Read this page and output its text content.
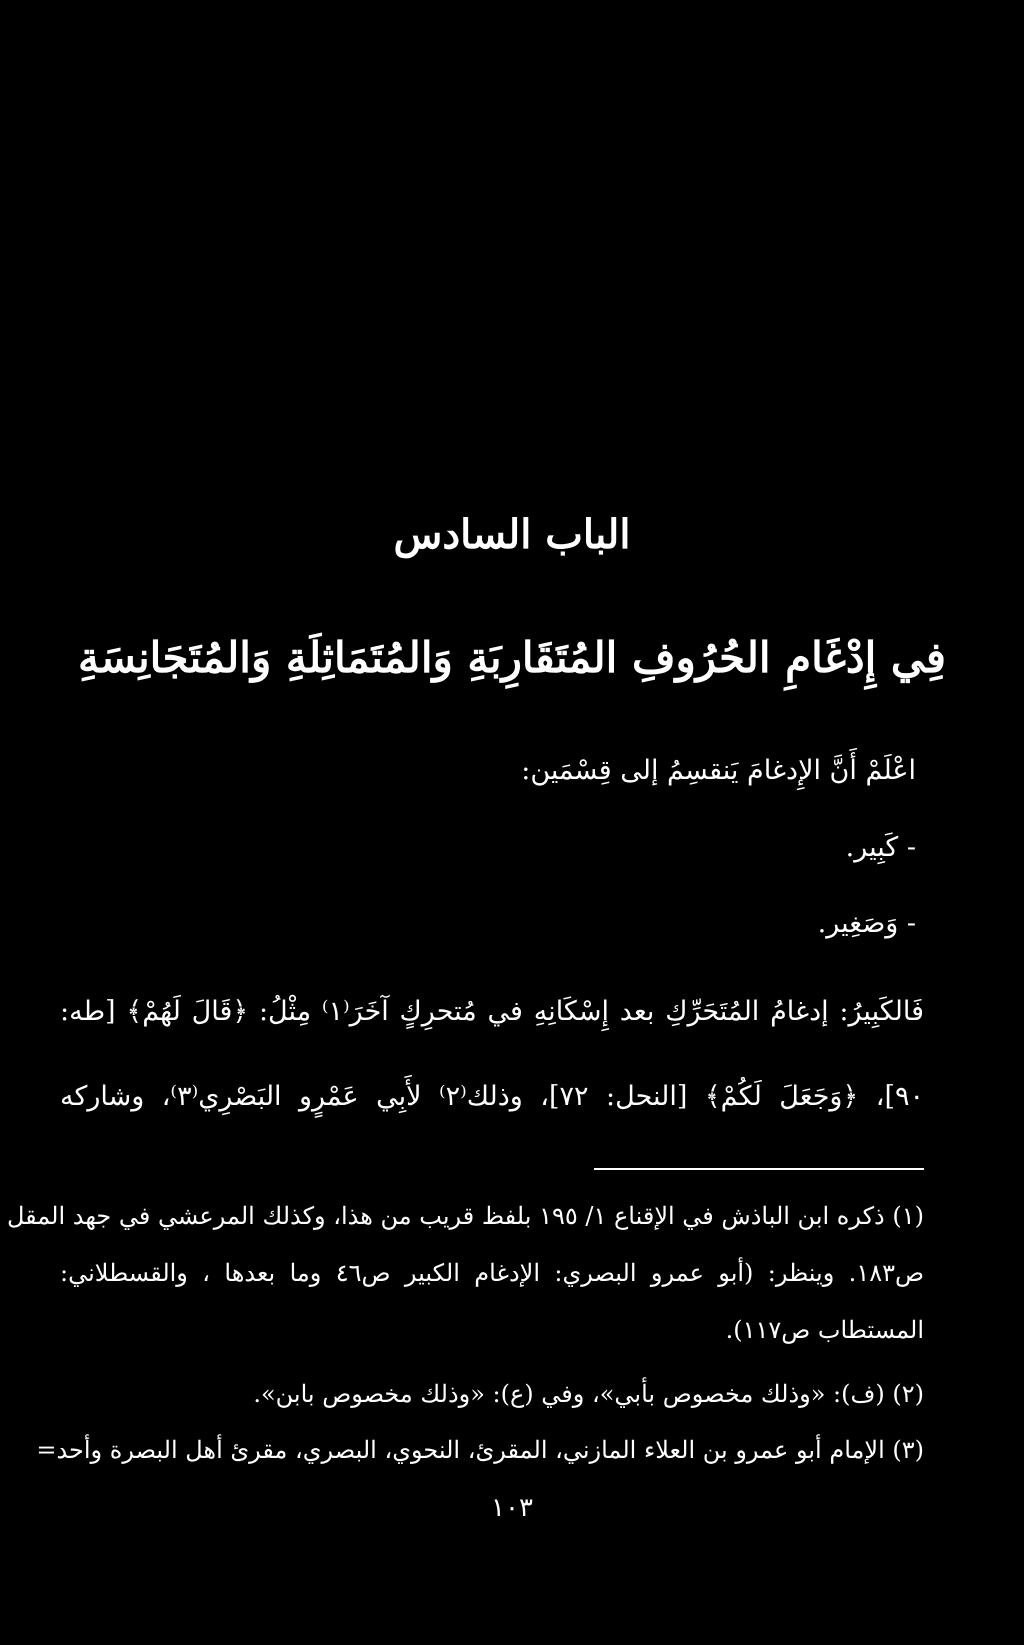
الباب السادس
فِي إِدْغَامِ الحُرُوفِ المُتَقَارِبَةِ وَالمُتَمَاثِلَةِ وَالمُتَجَانِسَةِ
اعْلَمْ أَنَّ الإِدغامَ يَنقسِمُ إلى قِسْمَين:
- كَبِير.
- وَصَغِير.
فَالكَبِيرُ: إدغامُ المُتَحَرِّكِ بعد إِسْكَانِهِ في مُتحرِكٍ آخَرَ⁽١⁾ مِثْلُ: ﴿قَالَ لَهُمْ﴾ [طه:
٩٠]، ﴿وَجَعَلَ لَكُمْ﴾ [النحل: ٧٢]، وذلك⁽٢⁾ لأَبِي عَمْرٍو البَصْرِي⁽٣⁾، وشاركه
(١) ذكره ابن الباذش في الإقناع ١/ ١٩٥ بلفظ قريب من هذا، وكذلك المرعشي في جهد المقل
ص١٨٣. وينظر: (أبو عمرو البصري: الإدغام الكبير ص٤٦ وما بعدها ، والقسطلاني:
المستطاب ص١١٧).
(٢) (ف): «وذلك مخصوص بأبي»، وفي (ع): «وذلك مخصوص بابن».
(٣) الإمام أبو عمرو بن العلاء المازني، المقرئ، النحوي، البصري، مقرئ أهل البصرة وأحد=
١٠٣
